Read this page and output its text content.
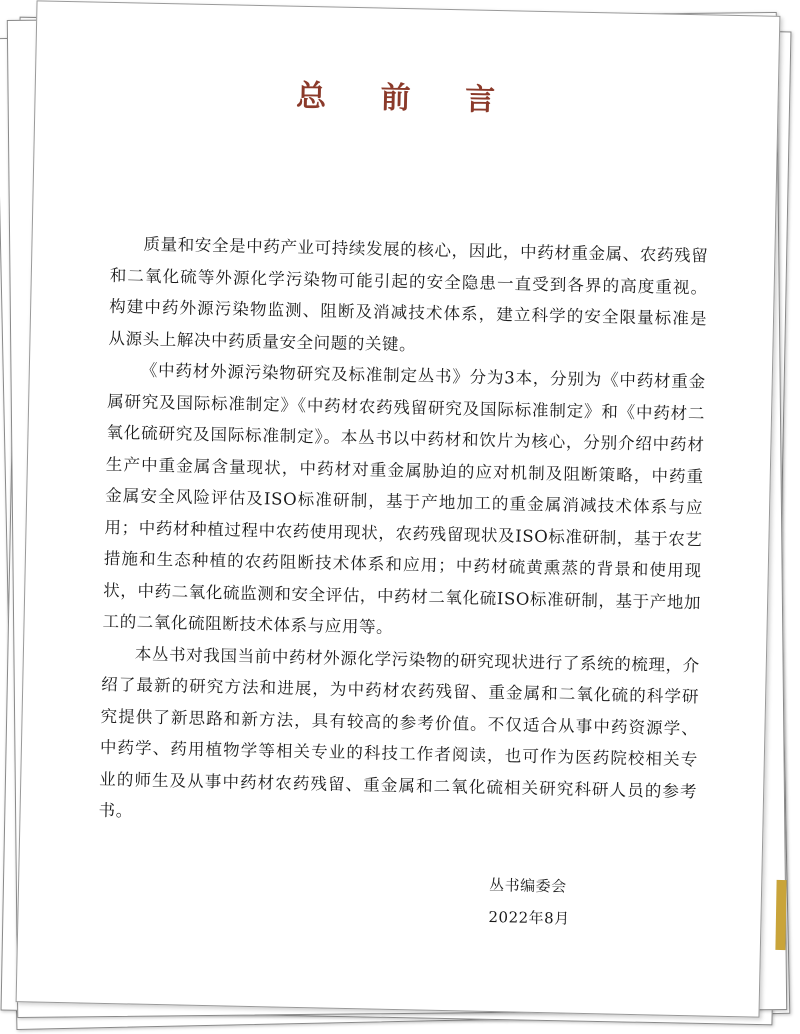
总 前 言

质量和安全是中药产业可持续发展的核心，因此，中药材重金属、农药残留和二氧化硫等外源化学污染物可能引起的安全隐患一直受到各界的高度重视。构建中药外源污染物监测、阻断及消减技术体系，建立科学的安全限量标准是从源头上解决中药质量安全问题的关键。

《中药材外源污染物研究及标准制定丛书》分为3本，分别为《中药材重金属研究及国际标准制定》《中药材农药残留研究及国际标准制定》和《中药材二氧化硫研究及国际标准制定》。本丛书以中药材和饮片为核心，分别介绍中药材生产中重金属含量现状，中药材对重金属胁迫的应对机制及阻断策略，中药重金属安全风险评估及ISO标准研制，基于产地加工的重金属消减技术体系与应用；中药材种植过程中农药使用现状，农药残留现状及ISO标准研制，基于农艺措施和生态种植的农药阻断技术体系和应用；中药材硫黄熏蒸的背景和使用现状，中药二氧化硫监测和安全评估，中药材二氧化硫ISO标准研制，基于产地加工的二氧化硫阻断技术体系与应用等。

本丛书对我国当前中药材外源化学污染物的研究现状进行了系统的梳理，介绍了最新的研究方法和进展，为中药材农药残留、重金属和二氧化硫的科学研究提供了新思路和新方法，具有较高的参考价值。不仅适合从事中药资源学、中药学、药用植物学等相关专业的科技工作者阅读，也可作为医药院校相关专业的师生及从事中药材农药残留、重金属和二氧化硫相关研究科研人员的参考书。

丛书编委会
2022年8月
